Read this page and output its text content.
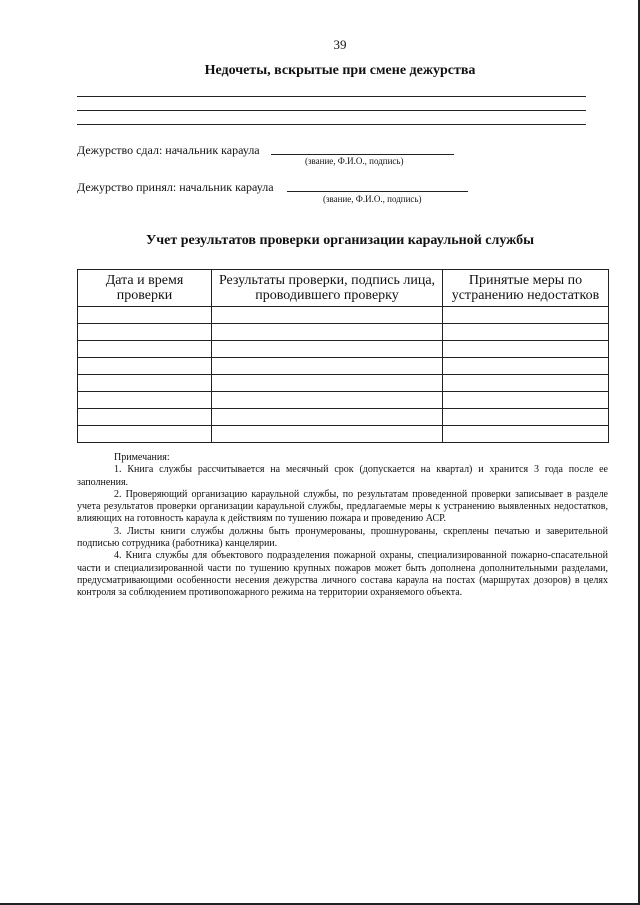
39
Недочеты, вскрытые при смене дежурства
Дежурство сдал: начальник караула
(звание, Ф.И.О., подпись)
Дежурство принял: начальник караула
(звание, Ф.И.О., подпись)
Учет результатов проверки организации караульной службы
Дата и время проверки	Результаты проверки, подпись лица, проводившего проверку	Принятые меры по устранению недостатков

Примечания:

1. Книга службы рассчитывается на месячный срок (допускается на квартал) и хранится 3 года после ее заполнения.

2. Проверяющий организацию караульной службы, по результатам проведенной проверки записывает в разделе учета результатов проверки организации караульной службы, предлагаемые меры к устранению выявленных недостатков, влияющих на готовность караула к действиям по тушению пожара и проведению АСР.

3. Листы книги службы должны быть пронумерованы, прошнурованы, скреплены печатью и заверительной подписью сотрудника (работника) канцелярии.

4. Книга службы для объектового подразделения пожарной охраны, специализированной пожарно-спасательной части и специализированной части по тушению крупных пожаров может быть дополнена дополнительными разделами, предусматривающими особенности несения дежурства личного состава караула на постах (маршрутах дозоров) в целях контроля за соблюдением противопожарного режима на территории охраняемого объекта.
